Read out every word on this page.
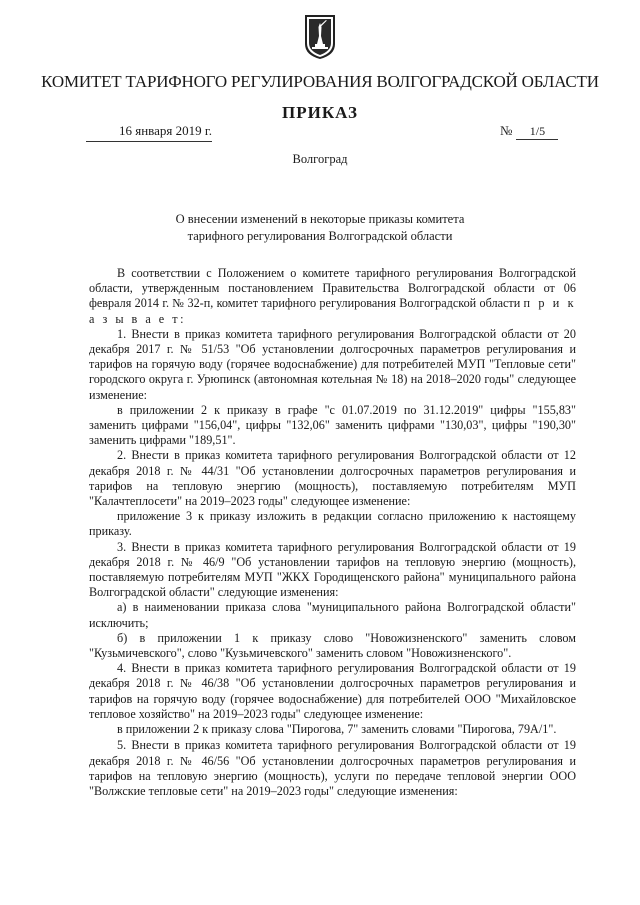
КОМИТЕТ ТАРИФНОГО РЕГУЛИРОВАНИЯ ВОЛГОГРАДСКОЙ ОБЛАСТИ
ПРИКАЗ
16 января 2019 г.	№ 1/5
Волгоград
О внесении изменений в некоторые приказы комитета
тарифного регулирования Волгоградской области

В соответствии с Положением о комитете тарифного регулирования Волгоградской области, утвержденным постановлением Правительства Волгоградской области от 06 февраля 2014 г. № 32-п, комитет тарифного регулирования Волгоградской области п р и к а з ы в а е т:

1. Внести в приказ комитета тарифного регулирования Волгоградской области от 20 декабря 2017 г. № 51/53 "Об установлении долгосрочных параметров регулирования и тарифов на горячую воду (горячее водоснабжение) для потребителей МУП "Тепловые сети" городского округа г. Урюпинск (автономная котельная № 18) на 2018–2020 годы" следующее изменение:

в приложении 2 к приказу в графе "с 01.07.2019 по 31.12.2019" цифры "155,83" заменить цифрами "156,04", цифры "132,06" заменить цифрами "130,03", цифры "190,30" заменить цифрами "189,51".

2. Внести в приказ комитета тарифного регулирования Волгоградской области от 12 декабря 2018 г. № 44/31 "Об установлении долгосрочных параметров регулирования и тарифов на тепловую энергию (мощность), поставляемую потребителям МУП "Калачтеплосети" на 2019–2023 годы" следующее изменение:

приложение 3 к приказу изложить в редакции согласно приложению к настоящему приказу.

3. Внести в приказ комитета тарифного регулирования Волгоградской области от 19 декабря 2018 г. № 46/9 "Об установлении тарифов на тепловую энергию (мощность), поставляемую потребителям МУП "ЖКХ Городищенского района" муниципального района Волгоградской области" следующие изменения:

а) в наименовании приказа слова "муниципального района Волгоградской области" исключить;

б) в приложении 1 к приказу слово "Новожизненского" заменить словом "Кузьмичевского", слово "Кузьмичевского" заменить словом "Новожизненского".

4. Внести в приказ комитета тарифного регулирования Волгоградской области от 19 декабря 2018 г. № 46/38 "Об установлении долгосрочных параметров регулирования и тарифов на горячую воду (горячее водоснабжение) для потребителей ООО "Михайловское тепловое хозяйство" на 2019–2023 годы" следующее изменение:

в приложении 2 к приказу слова "Пирогова, 7" заменить словами "Пирогова, 79А/1".

5. Внести в приказ комитета тарифного регулирования Волгоградской области от 19 декабря 2018 г. № 46/56 "Об установлении долгосрочных параметров регулирования и тарифов на тепловую энергию (мощность), услуги по передаче тепловой энергии ООО "Волжские тепловые сети" на 2019–2023 годы" следующие изменения:
